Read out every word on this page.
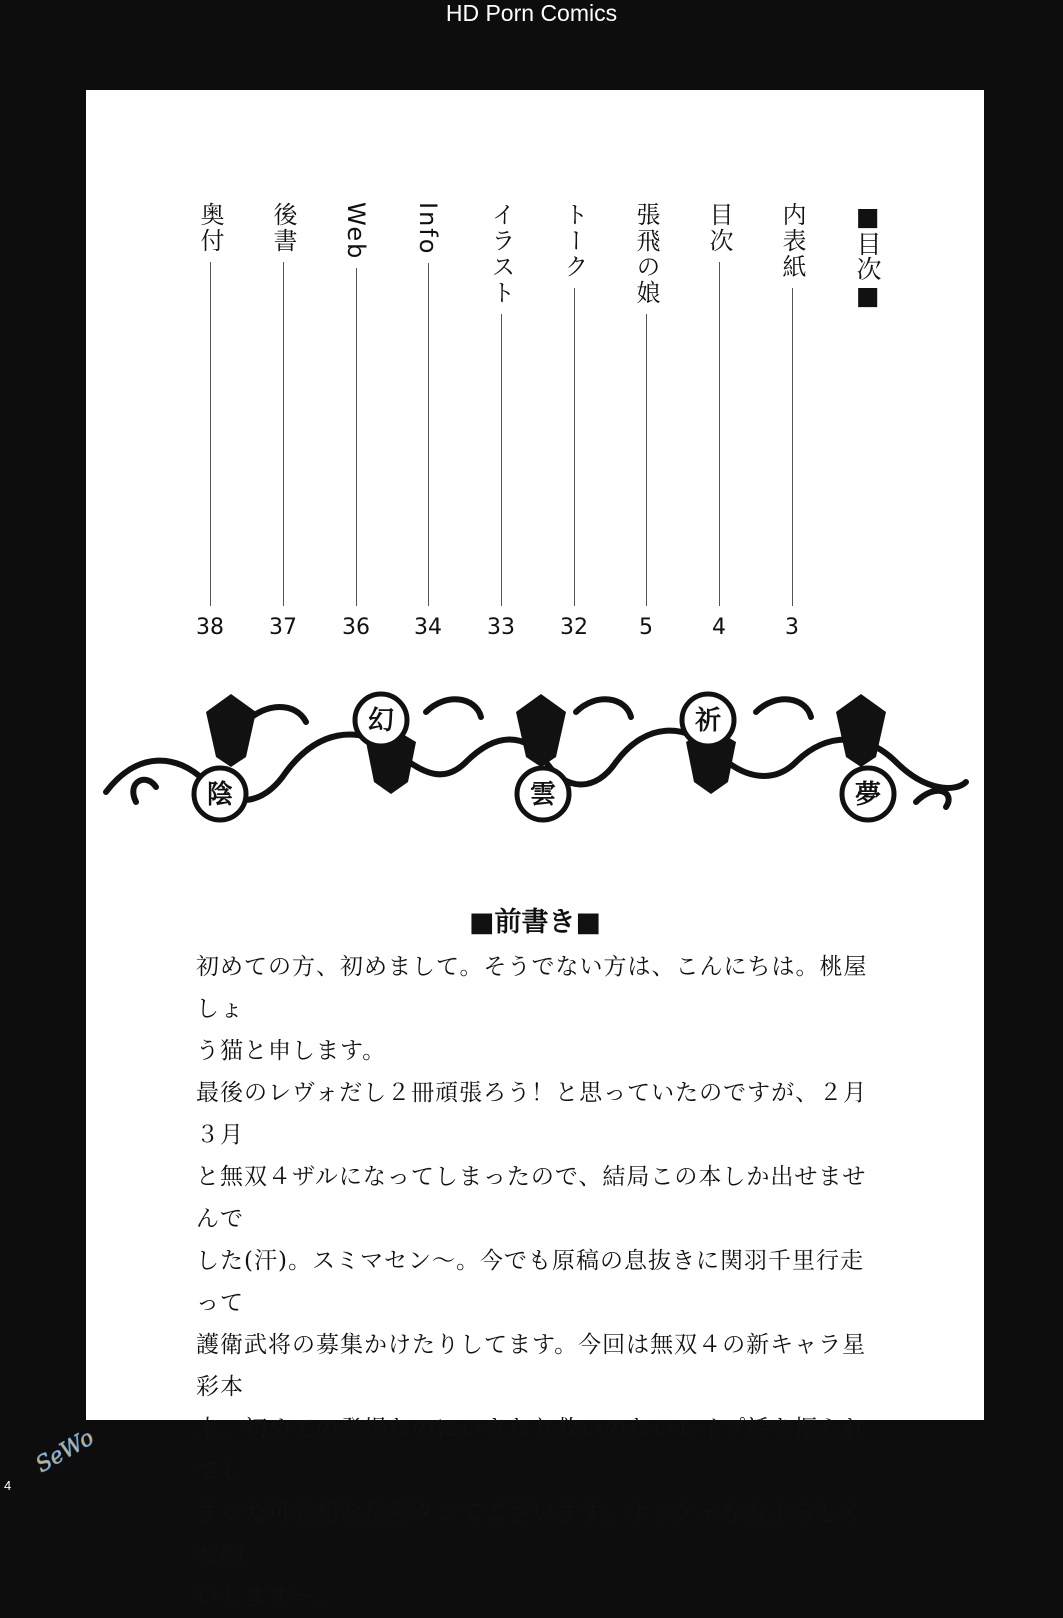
HD Porn Comics
■目次■
内表紙
3
目次
4
張飛の娘
5
トーク
32
イラスト
33
Info
34
Web
36
後書
37
奥付
38
陰
幻
雲
祈
夢
■前書き■

初めての方、初めまして。そうでない方は、こんにちは。桃屋しょ

う猫と申します。

最後のレヴォだし２冊頑張ろう！と思っていたのですが、２月３月

と無双４ザルになってしまったので、結局この本しか出せませんで

した(汗)。スミマセン～。今でも原稿の息抜きに関羽千里行走って

護衛武将の募集かけたりしてます。今回は無双４の新キャラ星彩本

本。初めての登場なのにいきなり救いのないレイプ話を振られてし

まった可哀想な星彩タンでございます。オッケェな方よろしくお願

いします～。

SeWo
4
